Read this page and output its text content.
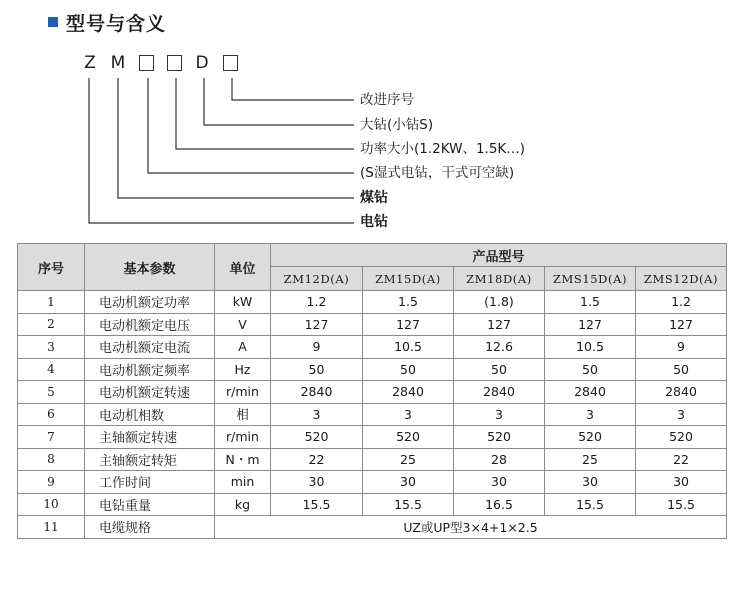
型号与含义
Z M	D
改进序号
大钻(小钻S)
功率大小(1.2KW、1.5K…)
(S湿式电钻，干式可空缺)
煤钻
电钻
序号	基本参数	单位	产品型号				
			ZM12D(A)	ZM15D(A)	ZM18D(A)	ZMS15D(A)	ZMS12D(A)
1	电动机额定功率	kW	1.2	1.5	(1.8)	1.5	1.2
2	电动机额定电压	V	127	127	127	127	127
3	电动机额定电流	A	9	10.5	12.6	10.5	9
4	电动机额定频率	Hz	50	50	50	50	50
5	电动机额定转速	r/min	2840	2840	2840	2840	2840
6	电动机相数	相	3	3	3	3	3
7	主轴额定转速	r/min	520	520	520	520	520
8	主轴额定转矩	N・m	22	25	28	25	22
9	工作时间	min	30	30	30	30	30
10	电钻重量	kg	15.5	15.5	16.5	15.5	15.5
11	电缆规格	UZ或UP型3×4+1×2.5					
